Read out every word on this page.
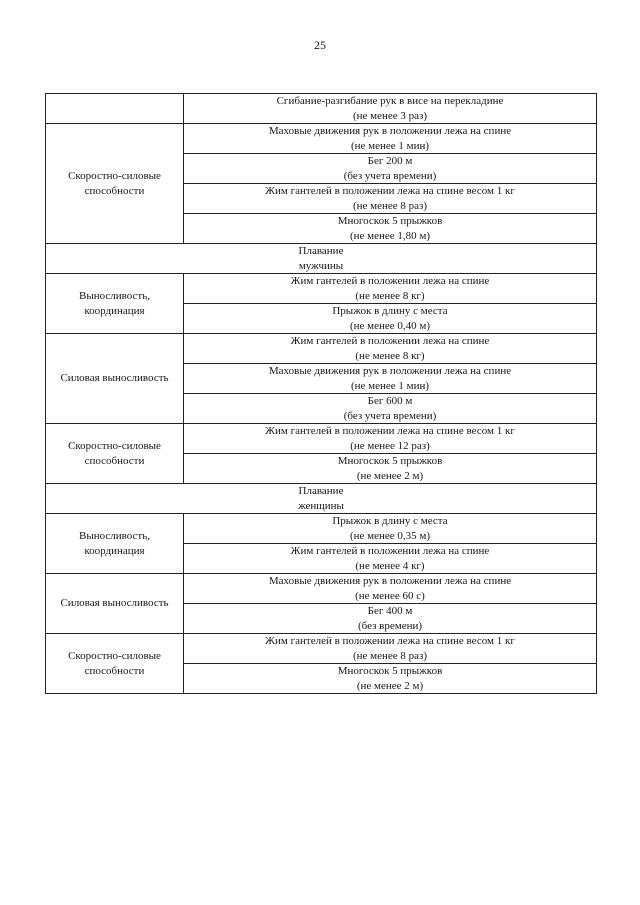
25

	Сгибание-разгибание рук в висе на перекладине
(не менее 3 раз)

Скоростно-силовые способности	Маховые движения рук в положении лежа на спине
(не менее 1 мин)

	Бег 200 м
(без учета времени)

	Жим гантелей в положении лежа на спине весом 1 кг
(не менее 8 раз)

	Многоскок 5 прыжков
(не менее 1,80 м)

Плавание
мужчины	

Выносливость, координация	Жим гантелей в положении лежа на спине
(не менее 8 кг)

	Прыжок в длину с места
(не менее 0,40 м)

Силовая выносливость	Жим гантелей в положении лежа на спине
(не менее 8 кг)

	Маховые движения рук в положении лежа на спине
(не менее 1 мин)

	Бег 600 м
(без учета времени)

Скоростно-силовые способности	Жим гантелей в положении лежа на спине весом 1 кг
(не менее 12 раз)

	Многоскок 5 прыжков
(не менее 2 м)

Плавание
женщины	

Выносливость, координация	Прыжок в длину с места
(не менее 0,35 м)

	Жим гантелей в положении лежа на спине
(не менее 4 кг)

Силовая выносливость	Маховые движения рук в положении лежа на спине
(не менее 60 с)

	Бег 400 м
(без времени)

Скоростно-силовые способности	Жим гантелей в положении лежа на спине весом 1 кг
(не менее 8 раз)

	Многоскок 5 прыжков
(не менее 2 м)
